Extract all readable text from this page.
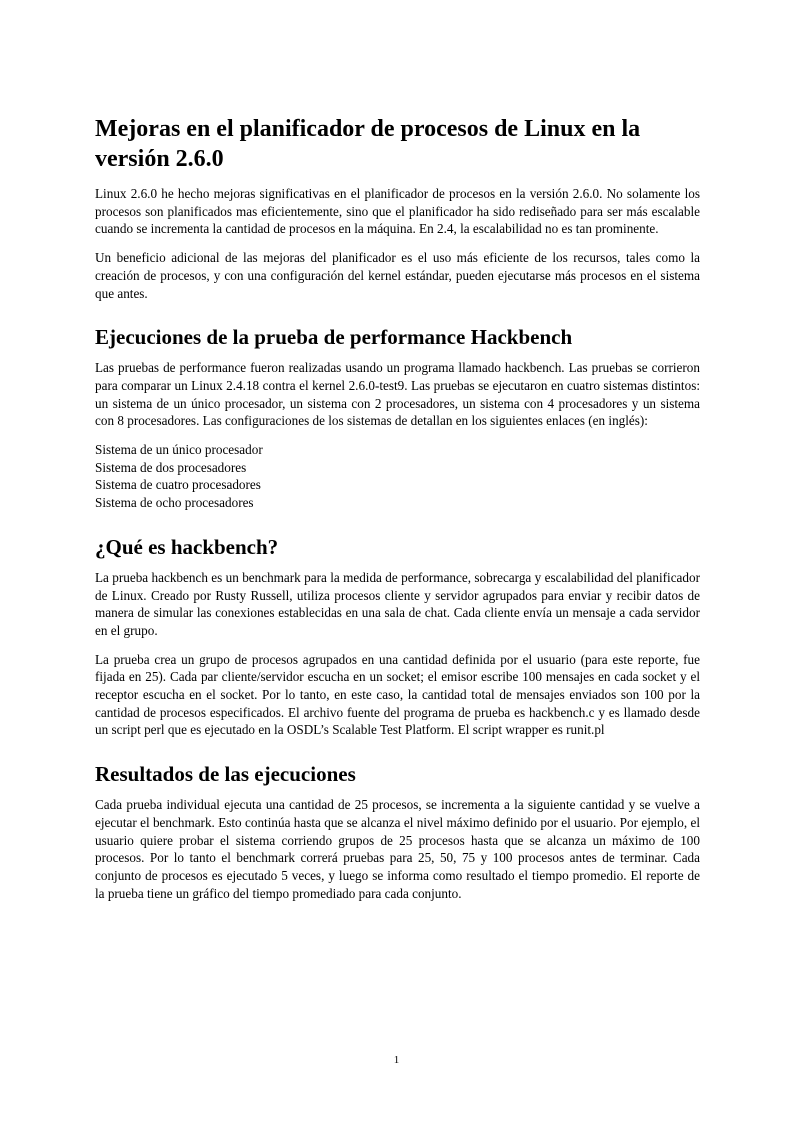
Mejoras en el planificador de procesos de Linux en la versión 2.6.0

Linux 2.6.0 he hecho mejoras significativas en el planificador de procesos en la versión 2.6.0. No solamente los procesos son planificados mas eficientemente, sino que el planificador ha sido rediseñado para ser más escalable cuando se incrementa la cantidad de procesos en la máquina. En 2.4, la escalabilidad no es tan prominente.

Un beneficio adicional de las mejoras del planificador es el uso más eficiente de los recursos, tales como la creación de procesos, y con una configuración del kernel estándar, pueden ejecutarse más procesos en el sistema que antes.

Ejecuciones de la prueba de performance Hackbench

Las pruebas de performance fueron realizadas usando un programa llamado hackbench. Las pruebas se corrieron para comparar un Linux 2.4.18 contra el kernel 2.6.0-test9. Las pruebas se ejecutaron en cuatro sistemas distintos: un sistema de un único procesador, un sistema con 2 procesadores, un sistema con 4 procesadores y un sistema con 8 procesadores. Las configuraciones de los sistemas de detallan en los siguientes enlaces (en inglés):

Sistema de un único procesador
Sistema de dos procesadores
Sistema de cuatro procesadores
Sistema de ocho procesadores
¿Qué es hackbench?

La prueba hackbench es un benchmark para la medida de performance, sobrecarga y escalabilidad del planificador de Linux. Creado por Rusty Russell, utiliza procesos cliente y servidor agrupados para enviar y recibir datos de manera de simular las conexiones establecidas en una sala de chat. Cada cliente envía un mensaje a cada servidor en el grupo.

La prueba crea un grupo de procesos agrupados en una cantidad definida por el usuario (para este reporte, fue fijada en 25). Cada par cliente/servidor escucha en un socket; el emisor escribe 100 mensajes en cada socket y el receptor escucha en el socket. Por lo tanto, en este caso, la cantidad total de mensajes enviados son 100 por la cantidad de procesos especificados. El archivo fuente del programa de prueba es hackbench.c y es llamado desde un script perl que es ejecutado en la OSDL’s Scalable Test Platform. El script wrapper es runit.pl

Resultados de las ejecuciones

Cada prueba individual ejecuta una cantidad de 25 procesos, se incrementa a la siguiente cantidad y se vuelve a ejecutar el benchmark. Esto continúa hasta que se alcanza el nivel máximo definido por el usuario. Por ejemplo, el usuario quiere probar el sistema corriendo grupos de 25 procesos hasta que se alcanza un máximo de 100 procesos. Por lo tanto el benchmark correrá pruebas para 25, 50, 75 y 100 procesos antes de terminar. Cada conjunto de procesos es ejecutado 5 veces, y luego se informa como resultado el tiempo promedio. El reporte de la prueba tiene un gráfico del tiempo promediado para cada conjunto.

1
